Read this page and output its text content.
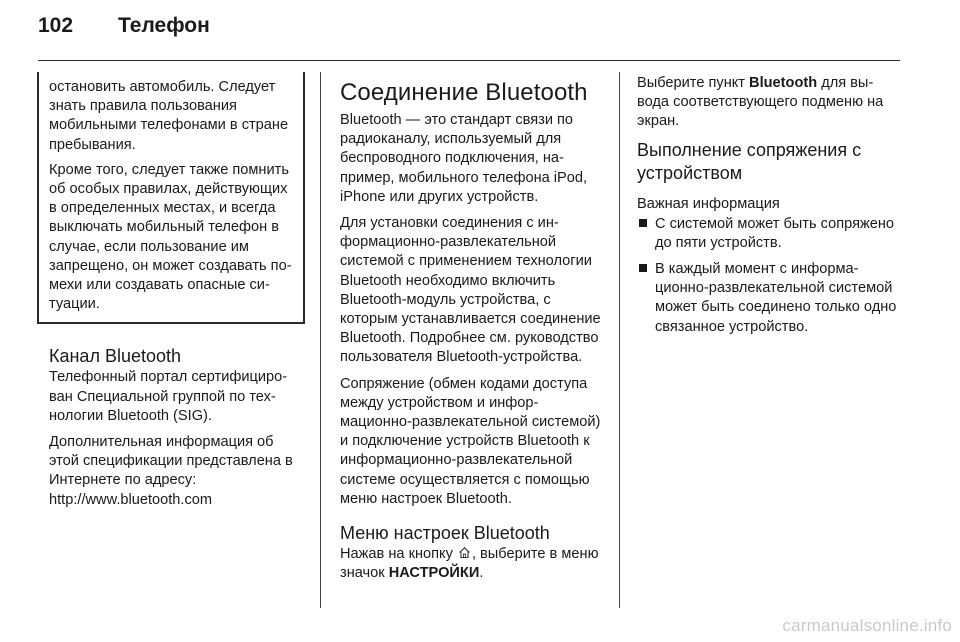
102 Телефон

остановить автомобиль. Следует знать правила пользования мобильными телефонами в стране пребывания.

Кроме того, следует также помнить об особых правилах, действующих в определенных местах, и всегда выключать мобильный телефон в случае, если пользование им запрещено, он может создавать помехи или создавать опасные ситуации.

Канал Bluetooth

Телефонный портал сертифицирован Специальной группой по технологии Bluetooth (SIG).

Дополнительная информация об этой спецификации представлена в Интернете по адресу: http://www.bluetooth.com

Соединение Bluetooth

Bluetooth — это стандарт связи по радиоканалу, используемый для беспроводного подключения, например, мобильного телефона iPod, iPhone или других устройств.

Для установки соединения с информационно-развлекательной системой с применением технологии Bluetooth необходимо включить Bluetooth-модуль устройства, с которым устанавливается соединение Bluetooth. Подробнее см. руководство пользователя Bluetooth-устройства.

Сопряжение (обмен кодами доступа между устройством и информационно-развлекательной системой) и подключение устройств Bluetooth к информационно-развлекательной системе осуществляется с помощью меню настроек Bluetooth.

Меню настроек Bluetooth

Нажав на кнопку , выберите в меню значок НАСТРОЙКИ.

Выберите пункт Bluetooth для вывода соответствующего подменю на экран.

Выполнение сопряжения с устройством
Важная информация
С системой может быть сопряжено до пяти устройств.
В каждый момент с информационно-развлекательной системой может быть соединено только одно связанное устройство.
carmanualsonline.info
